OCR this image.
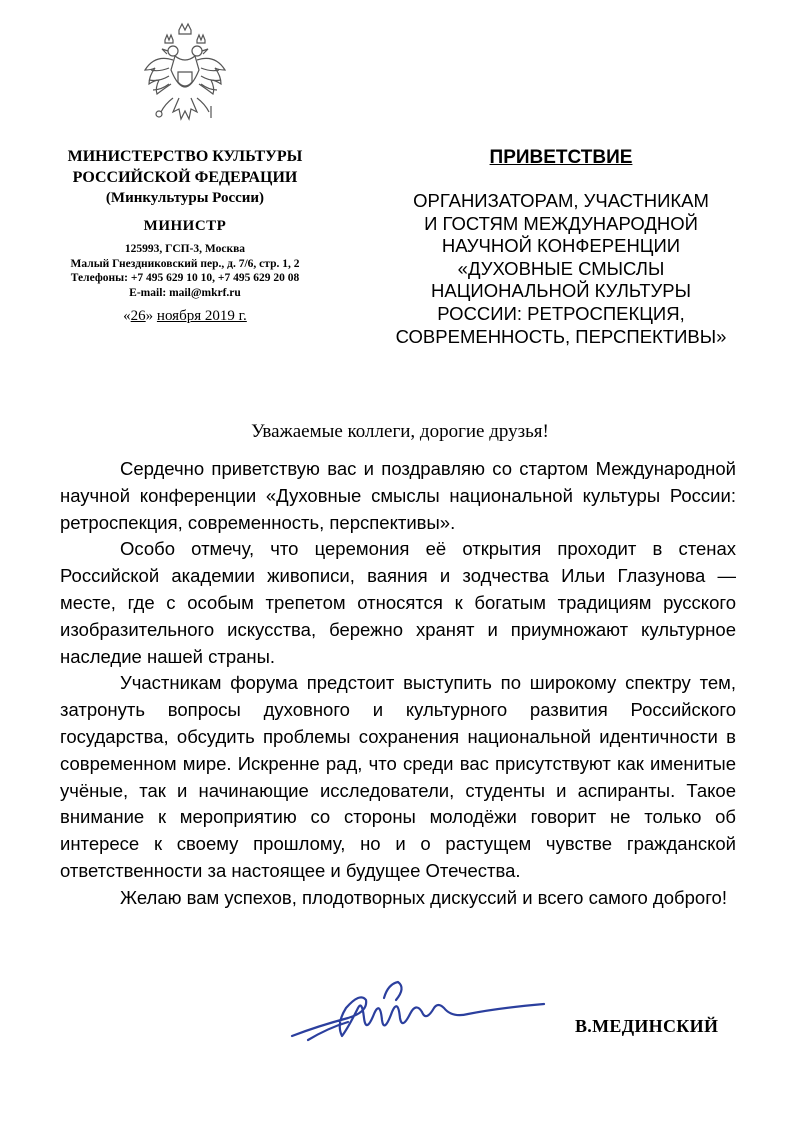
МИНИСТЕРСТВО КУЛЬТУРЫ
РОССИЙСКОЙ ФЕДЕРАЦИИ
(Минкультуры России)
МИНИСТР
125993, ГСП-3, Москва
Малый Гнездниковский пер., д. 7/6, стр. 1, 2
Телефоны: +7 495 629 10 10, +7 495 629 20 08
E-mail: mail@mkrf.ru
«26» ноября 2019 г.
ПРИВЕТСТВИЕ
ОРГАНИЗАТОРАМ, УЧАСТНИКАМ
И ГОСТЯМ МЕЖДУНАРОДНОЙ
НАУЧНОЙ КОНФЕРЕНЦИИ
«ДУХОВНЫЕ СМЫСЛЫ
НАЦИОНАЛЬНОЙ КУЛЬТУРЫ
РОССИИ: РЕТРОСПЕКЦИЯ,
СОВРЕМЕННОСТЬ, ПЕРСПЕКТИВЫ»
Уважаемые коллеги, дорогие друзья!

Сердечно приветствую вас и поздравляю со стартом Международной научной конференции «Духовные смыслы национальной культуры России: ретроспекция, современность, перспективы».

Особо отмечу, что церемония её открытия проходит в стенах Российской академии живописи, ваяния и зодчества Ильи Глазунова — месте, где с особым трепетом относятся к богатым традициям русского изобразительного искусства, бережно хранят и приумножают культурное наследие нашей страны.

Участникам форума предстоит выступить по широкому спектру тем, затронуть вопросы духовного и культурного развития Российского государства, обсудить проблемы сохранения национальной идентичности в современном мире. Искренне рад, что среди вас присутствуют как именитые учёные, так и начинающие исследователи, студенты и аспиранты. Такое внимание к мероприятию со стороны молодёжи говорит не только об интересе к своему прошлому, но и о растущем чувстве гражданской ответственности за настоящее и будущее Отечества.

Желаю вам успехов, плодотворных дискуссий и всего самого доброго!

В.МЕДИНСКИЙ
